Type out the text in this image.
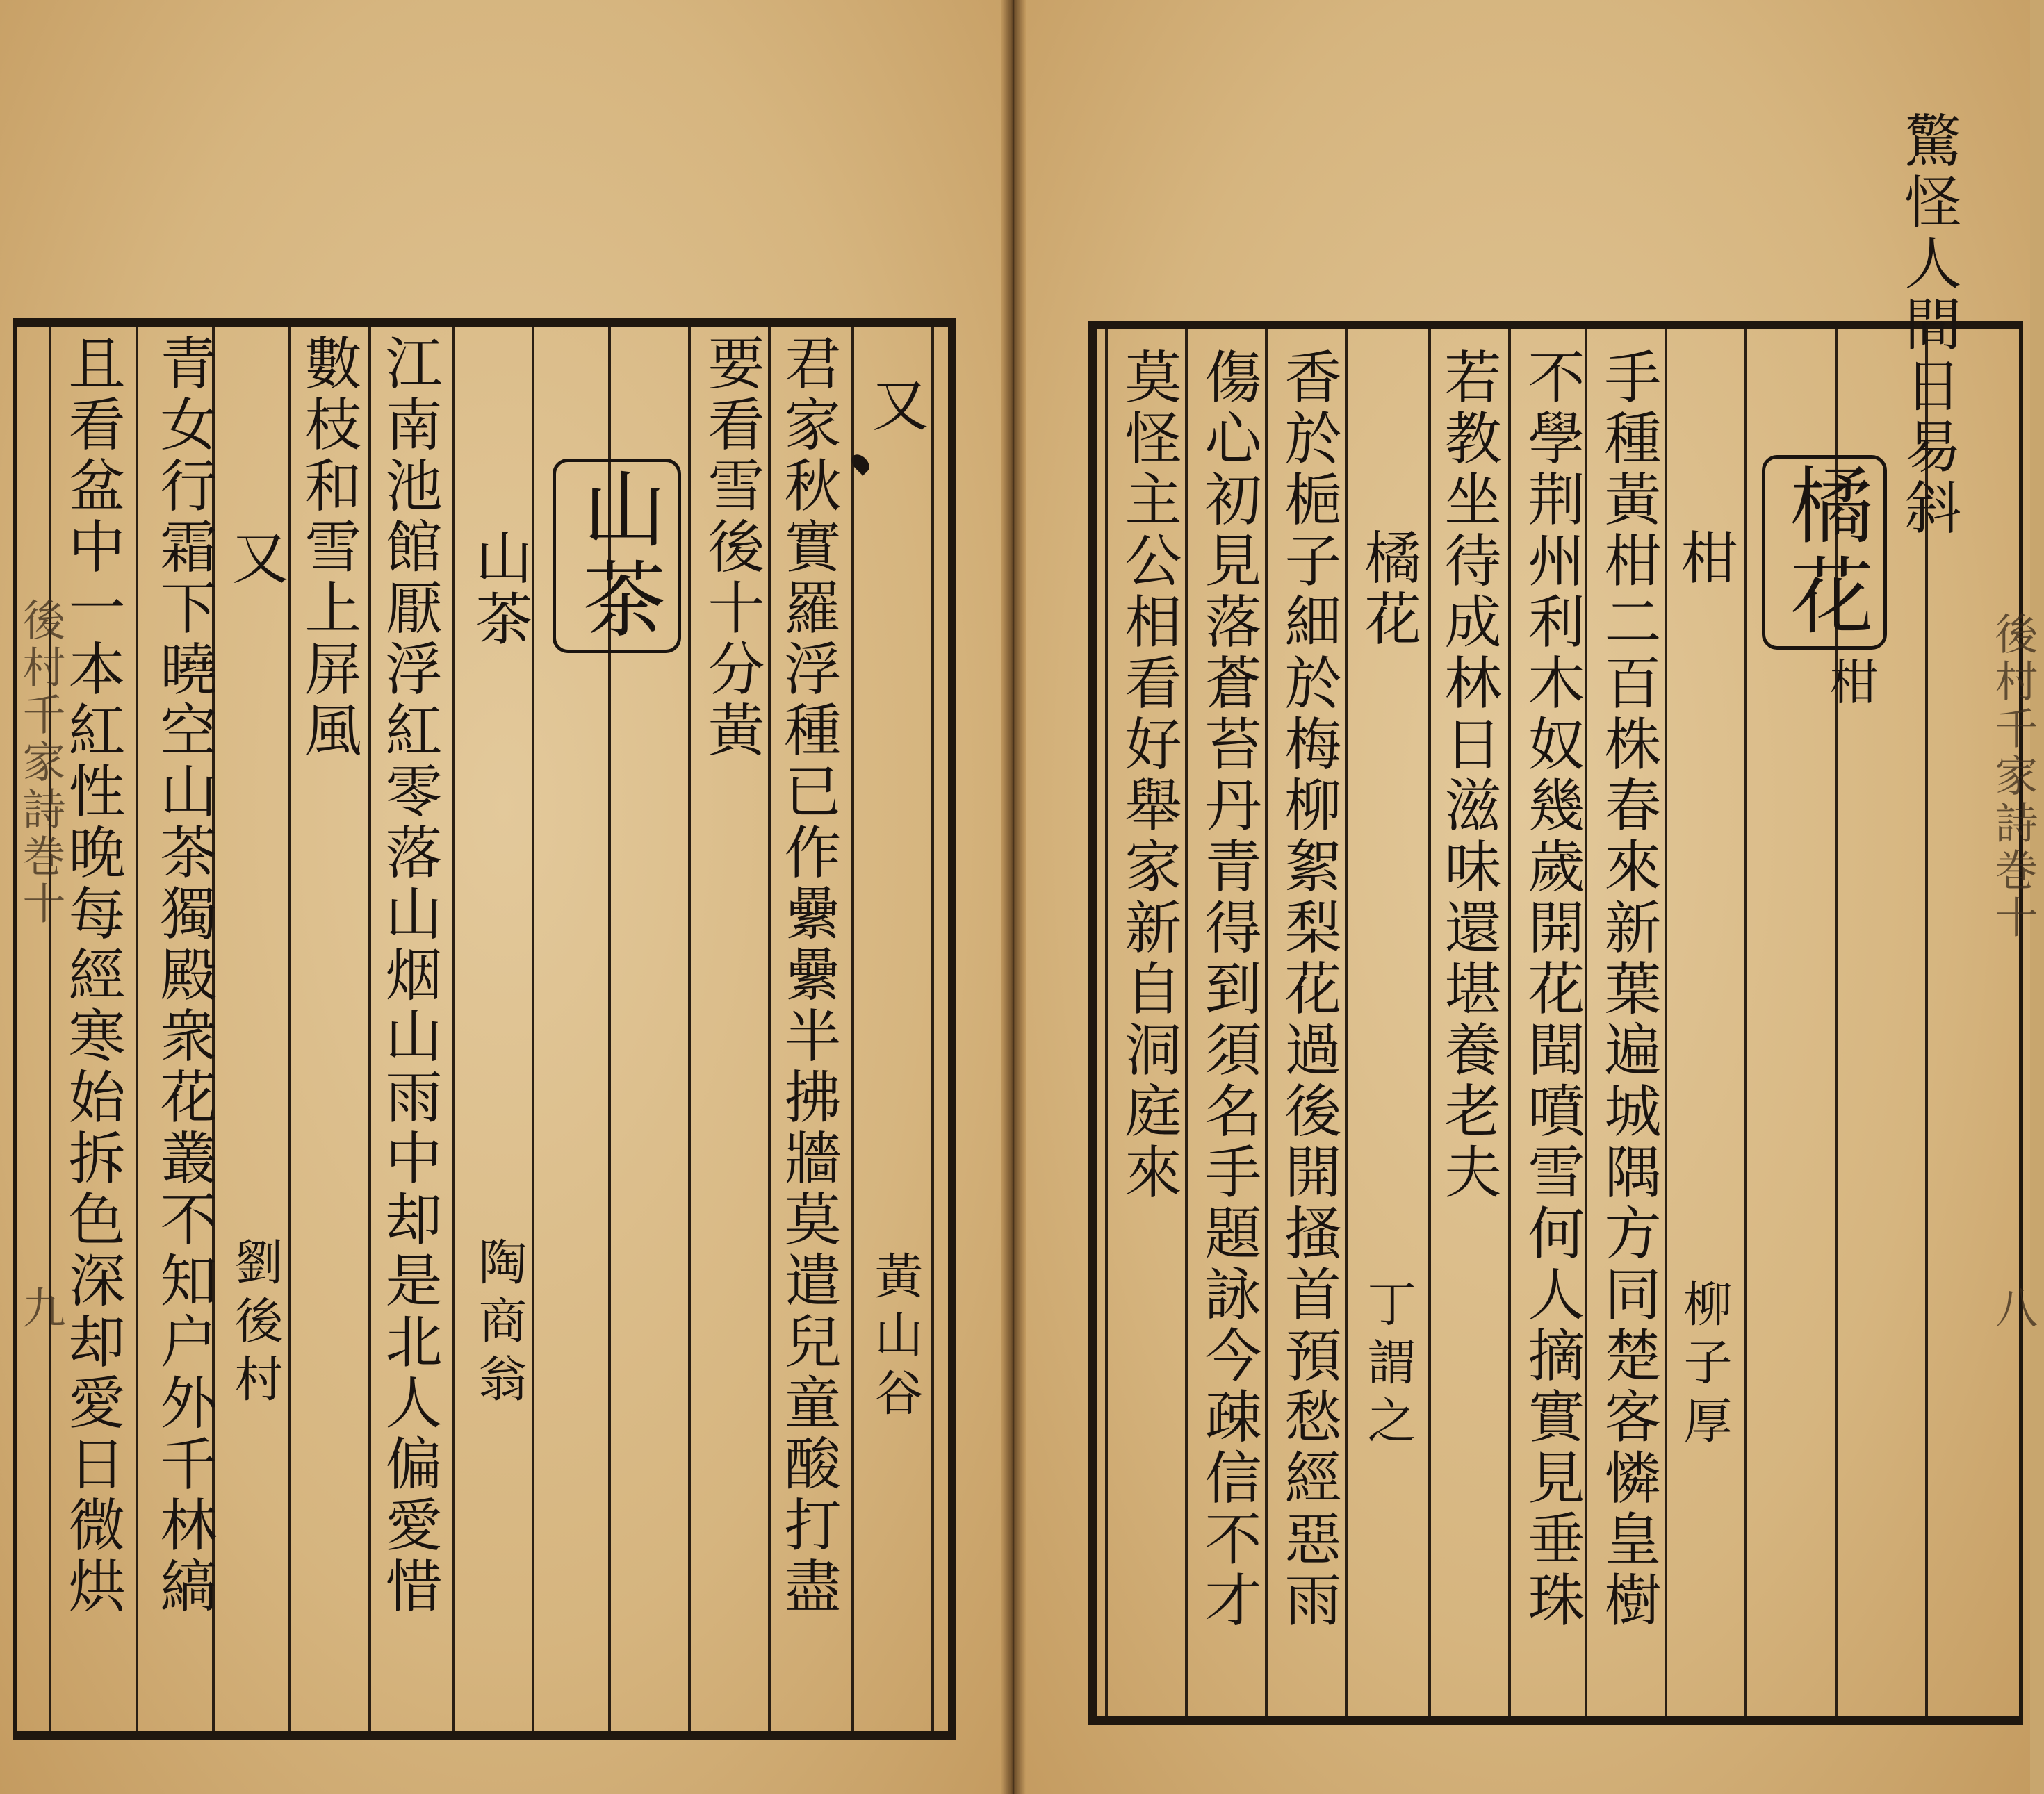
又
黃山谷
君家秋實羅浮種已作纍纍半拂牆莫遣兒童酸打盡
要看雪後十分黃
山茶
山茶
陶商翁
江南池館厭浮紅零落山烟山雨中却是北人偏愛惜
數枝和雪上屏風
又
劉後村
青女行霜下曉空山茶獨殿衆花叢不知户外千林縞
且看盆中一本紅性晚每經寒始拆色深却愛日微烘
後村千家詩巻十
九
驚怪人間日易斜
橘花
柑
柑
柳子厚
手種黃柑二百株春來新葉遍城隅方同楚客憐皇樹
不學荆州利木奴幾歲開花聞噴雪何人摘實見垂珠
若教坐待成林日滋味還堪養老夫
橘花
丁謂之
香於梔子細於梅柳絮梨花過後開搔首預愁經惡雨
傷心初見落蒼苔丹青得到須名手題詠今疎信不才
莫怪主公相看好舉家新自洞庭來	後村千家詩巻十
八
